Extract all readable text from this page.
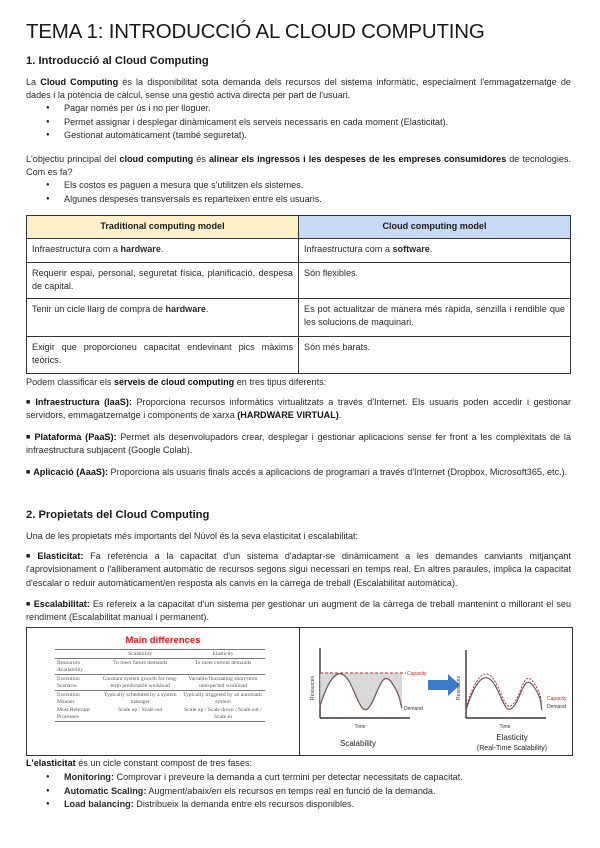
TEMA 1: INTRODUCCIÓ AL CLOUD COMPUTING
1. Introducció al Cloud Computing

La Cloud Computing és la disponibilitat sota demanda dels recursos del sistema informàtic, especialment l'emmagatzematge de dades i la potència de càlcul, sense una gestió activa directa per part de l'usuari.

● Pagar només per ús i no per lloguer.
● Permet assignar i desplegar dinàmicament els serveis necessaris en cada moment (Elasticitat).
● Gestionat automàticament (també seguretat).

L'objectiu principal del cloud computing és alinear els ingressos i les despeses de les empreses consumidores de tecnologies. Com es fa?

● Els costos es paguen a mesura que s'utilitzen els sistemes.
● Algunes despeses transversals es reparteixen entre els usuaris.
Traditional computing model	Cloud computing model
Infraestructura com a hardware.	Infraestructura com a software.
Requerir espai, personal, seguretat física, planificació, despesa de capital.	Són flexibles.
Tenir un cicle llarg de compra de hardware.	Es pot actualitzar de manera més ràpida, senzilla i rendible que les solucions de maquinari.
Exigir que proporcioneu capacitat endevinant pics màxims teòrics.	Són més barats.

Podem classificar els serveis de cloud computing en tres tipus diferents:

■ Infraestructura (IaaS): Proporciona recursos informàtics virtualitzats a través d'Internet. Els usuaris poden accedir i gestionar servidors, emmagatzematge i components de xarxa (HARDWARE VIRTUAL).

■ Plataforma (PaaS): Permet als desenvolupadors crear, desplegar i gestionar aplicacions sense fer front a les complexitats de la infraestructura subjacent (Google Colab).

■ Aplicació (AaaS): Proporciona als usuaris finals accés a aplicacions de programari a través d'Internet (Dropbox, Microsoft365, etc.).

2. Propietats del Cloud Computing

Una de les propietats més importants del Núvol és la seva elasticitat i escalabilitat:

■ Elasticitat: Fa referència a la capacitat d'un sistema d'adaptar-se dinàmicament a les demandes canviants mitjançant l'aprovisionament o l'alliberament automàtic de recursos segons sigui necessari en temps real. En altres paraules, implica la capacitat d'escalar o reduir automàticament/en resposta als canvis en la càrrega de treball (Escalabilitat automàtica).

■ Escalabilitat: Es refereix a la capacitat d'un sistema per gestionar un augment de la càrrega de treball mantenint o millorant el seu rendiment (Escalabilitat manual i permanent).

Main differences
	Scalability	Elasticity
Resources Availability	To meet future demands	To meet current demands
Execution Scenario	Constant system growth for long-term predictable workload	Variable/fluctuating short-term unexpected workload
Execution Manner	Typically scheduled by a system manager	Typically triggered by an automatic system
Most Relevant Processes	Scale up / Scale out	Scale up / Scale down / Scale out / Scale in
Capacity
Demand
Time
Resources
Scalability
Capacity
Demand
Time
Resources
Elasticity
(Real-Time Scalability)

L'elasticitat és un cicle constant compost de tres fases:

● Monitoring: Comprovar i preveure la demanda a curt termini per detectar necessitats de capacitat.
● Automatic Scaling: Augment/abaix/en els recursos en temps real en funció de la demanda.
● Load balancing: Distribueix la demanda entre els recursos disponibles.
